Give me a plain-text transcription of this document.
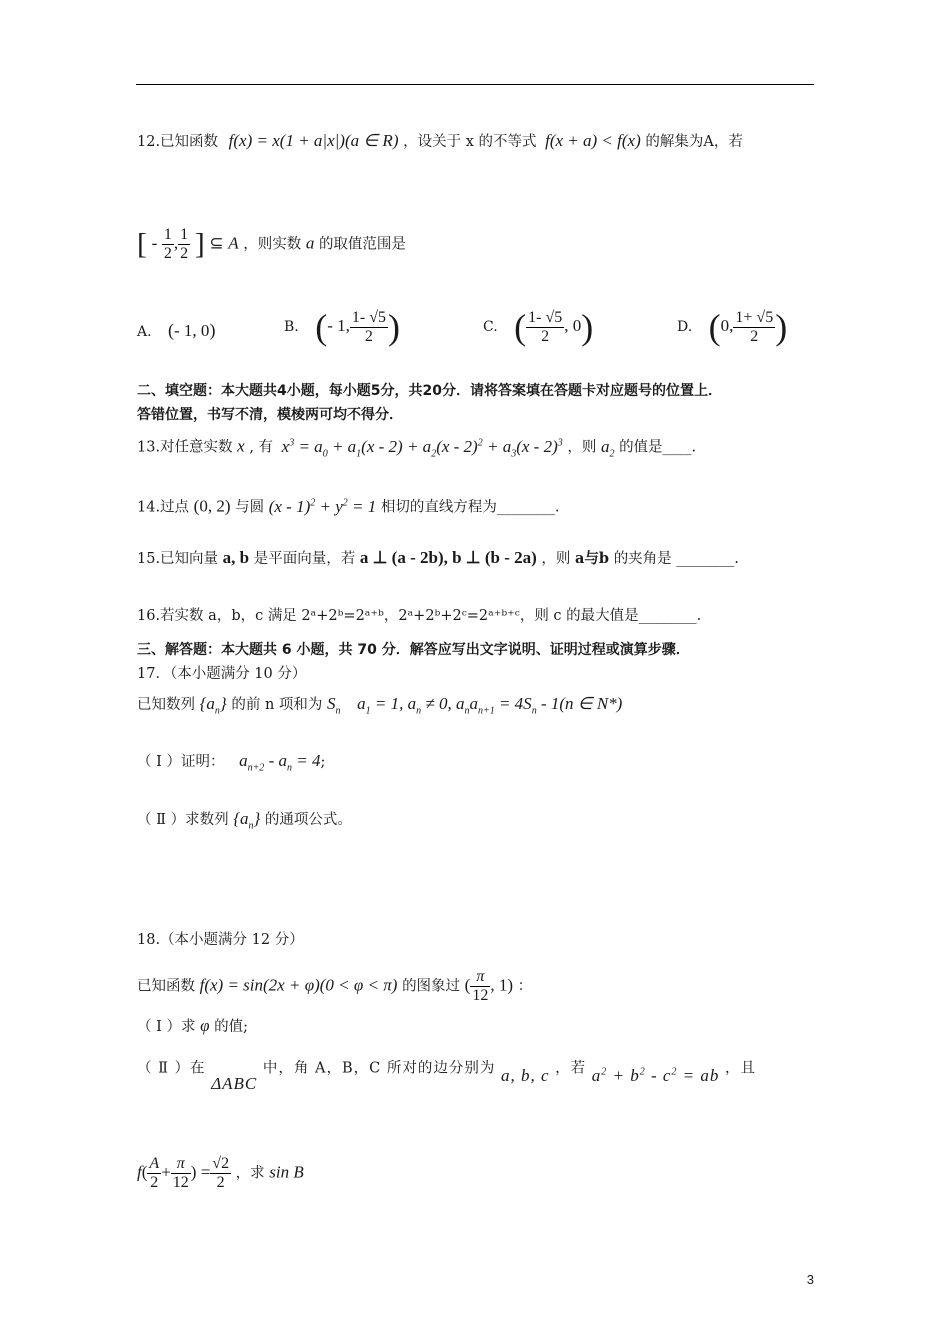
12.已知函数 f(x) = x(1 + a|x|)(a ∈ R) ，设关于 x 的不等式 f(x + a) < f(x) 的解集为A，若
[ - $\frac{1}{2}$ , $\frac{1}{2}$ ] ⊆ A ，则实数 a 的取值范围是
A. (- 1, 0)	B. (- 1, $\frac{1- √5}{2}$ )	C. ( $\frac{1- √5}{2}$ , 0)	D. (0, $\frac{1+ √5}{2}$ )
二、填空题：本大题共4小题，每小题5分，共20分．请将答案填在答题卡对应题号的位置上．
答错位置，书写不清，模棱两可均不得分．
13.对任意实数 x , 有 $x^3 = a_0 + a_1(x - 2) + a_2(x - 2)^2 + a_3(x - 2)^3$ ，则 $a_2$ 的值是____.
14.过点 (0, 2) 与圆 $(x - 1)^2 + y^2 = 1$ 相切的直线方程为________.
15.已知向量 a, b 是平面向量，若 a ⊥ (a - 2b), b ⊥ (b - 2a) ，则 a与b 的夹角是 ________.
16.若实数 a，b，c 满足 2ᵃ+2ᵇ=2ᵃ⁺ᵇ，2ᵃ+2ᵇ+2ᶜ=2ᵃ⁺ᵇ⁺ᶜ，则 c 的最大值是________.
三、解答题：本大题共 6 小题，共 70 分．解答应写出文字说明、证明过程或演算步骤．
17．（本小题满分 10 分）
已知数列 $\{a_n\}$ 的前 n 项和为 $S_n$ $a_1 = 1$, $a_n \ne 0$, $a_na_{n+1} = 4S_n - 1(n$ ∈ N*)
（ Ⅰ ）证明： $a_{n+2} - a_n = 4$;
（ Ⅱ ）求数列 $\{a_n\}$ 的通项公式。
18.（本小题满分 12 分）
已知函数 f(x) = sin(2x + φ)(0 < φ < π) 的图象过 ( $\frac{\pi}{12}$ , 1) ：
（ Ⅰ ）求 φ 的值;
（ Ⅱ ）在 ΔABC 中，角 A，B，C 所对的边分别为 a, b, c ，若 $a^2 + b^2 - c^2$ = ab ，且
$f( \frac{A}{2} + \frac{\pi}{12}$ ) = $\frac{√2}{2}$ ，求 sin B
3
